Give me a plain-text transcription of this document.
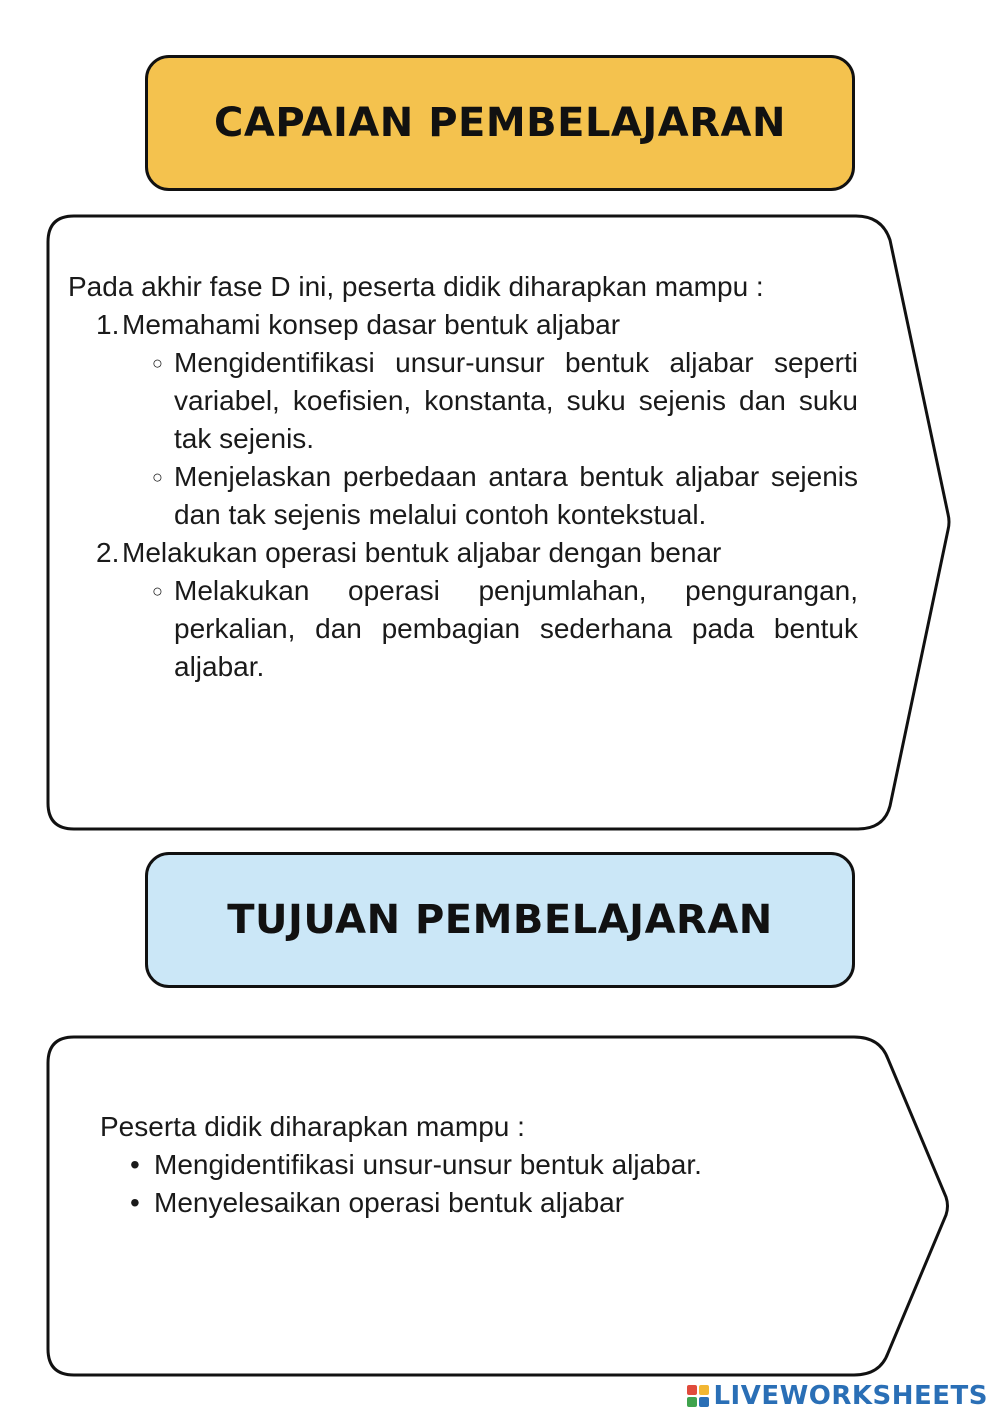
CAPAIAN PEMBELAJARAN

Pada akhir fase D ini, peserta didik diharapkan mampu :

1. Memahami konsep dasar bentuk aljabar
○ Mengidentifikasi unsur-unsur bentuk aljabar seperti variabel, koefisien, konstanta, suku sejenis dan suku tak sejenis.
○ Menjelaskan perbedaan antara bentuk aljabar sejenis dan tak sejenis melalui contoh kontekstual.
2. Melakukan operasi bentuk aljabar dengan benar
○ Melakukan operasi penjumlahan, pengurangan, perkalian, dan pembagian sederhana pada bentuk aljabar.
TUJUAN PEMBELAJARAN

Peserta didik diharapkan mampu :

• Mengidentifikasi unsur-unsur bentuk aljabar.
• Menyelesaikan operasi bentuk aljabar
LIVEWORKSHEETS
